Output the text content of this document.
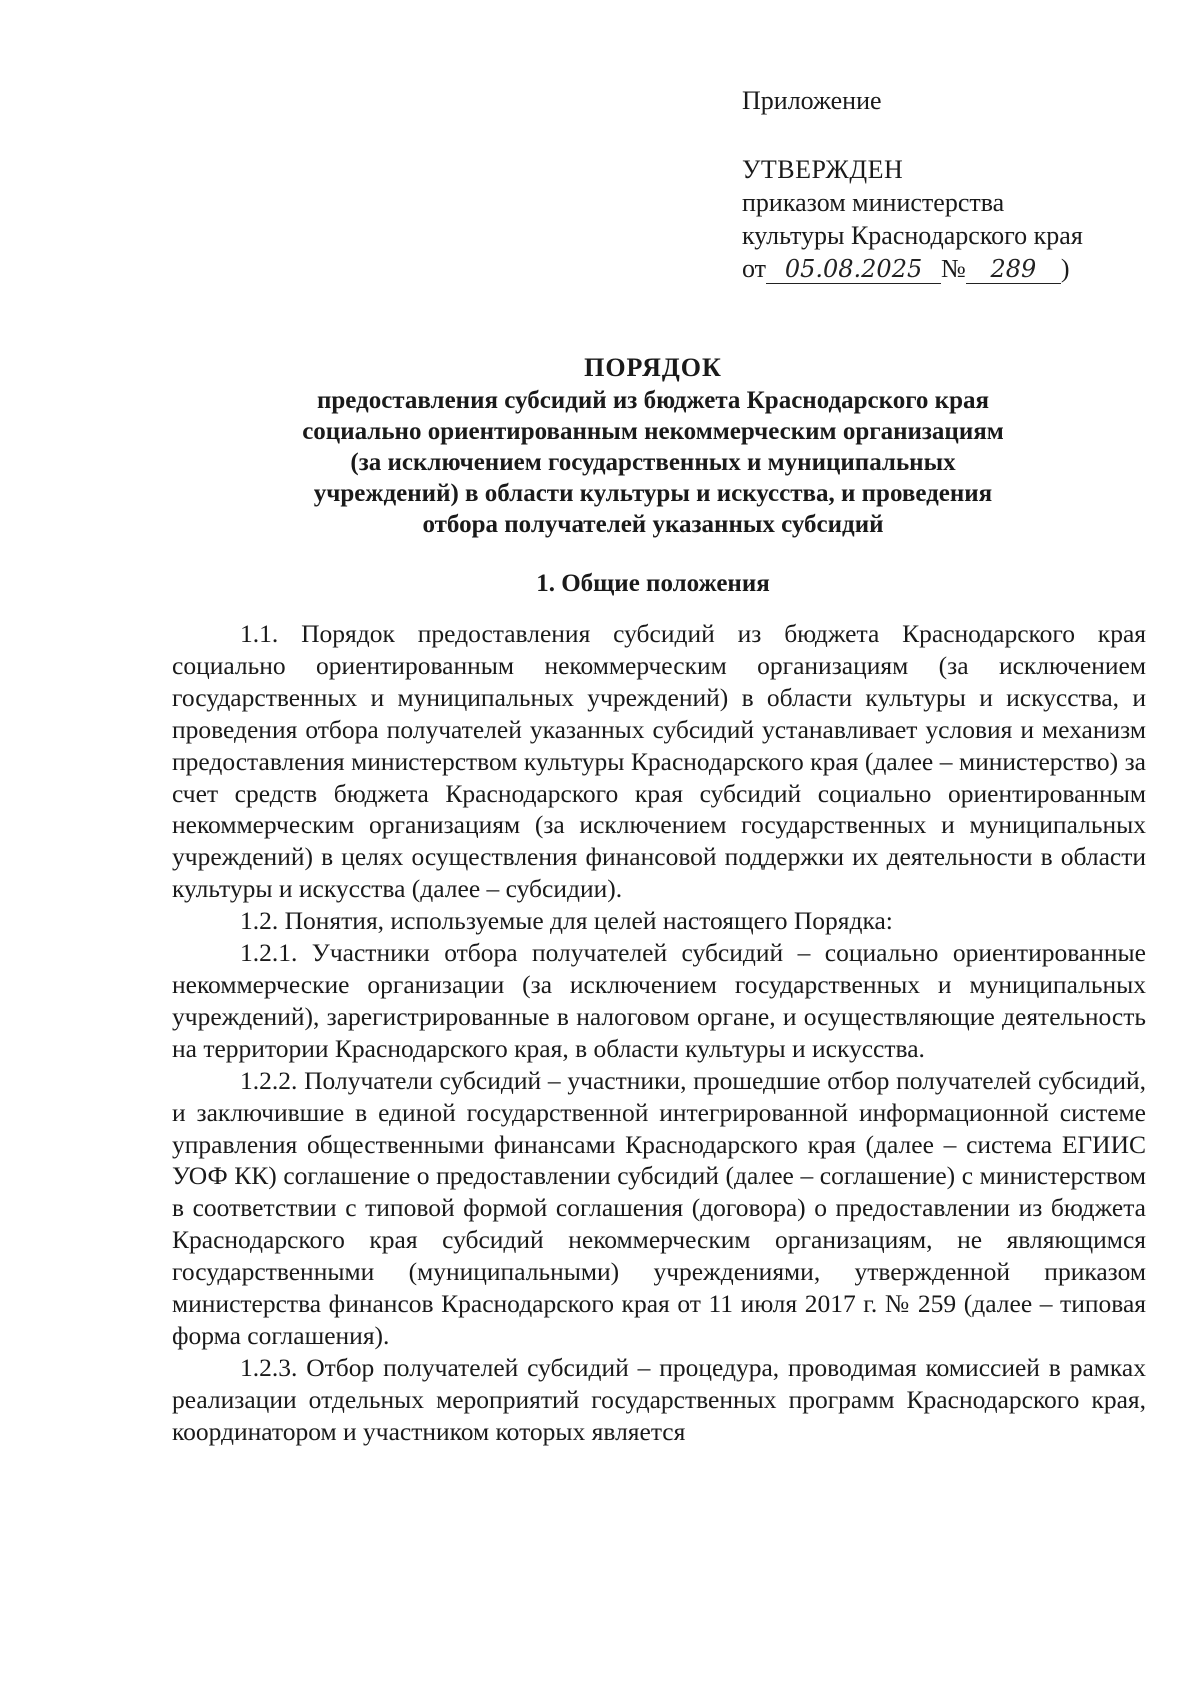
Приложение

УТВЕРЖДЕН

приказом министерства

культуры Краснодарского края

от 05.08.2025 № 289 )

ПОРЯДОК

предоставления субсидий из бюджета Краснодарского края

социально ориентированным некоммерческим организациям

(за исключением государственных и муниципальных

учреждений) в области культуры и искусства, и проведения

отбора получателей указанных субсидий

1. Общие положения

1.1. Порядок предоставления субсидий из бюджета Краснодарского края социально ориентированным некоммерческим организациям (за исключением государственных и муниципальных учреждений) в области культуры и искусства, и проведения отбора получателей указанных субсидий устанавливает условия и механизм предоставления министерством культуры Краснодарского края (далее – министерство) за счет средств бюджета Краснодарского края субсидий социально ориентированным некоммерческим организациям (за исключением государственных и муниципальных учреждений) в целях осуществления финансовой поддержки их деятельности в области культуры и искусства (далее – субсидии).

1.2. Понятия, используемые для целей настоящего Порядка:

1.2.1. Участники отбора получателей субсидий – социально ориентированные некоммерческие организации (за исключением государственных и муниципальных учреждений), зарегистрированные в налоговом органе, и осуществляющие деятельность на территории Краснодарского края, в области культуры и искусства.

1.2.2. Получатели субсидий – участники, прошедшие отбор получателей субсидий, и заключившие в единой государственной интегрированной информационной системе управления общественными финансами Краснодарского края (далее – система ЕГИИС УОФ КК) соглашение о предоставлении субсидий (далее – соглашение) с министерством в соответствии с типовой формой соглашения (договора) о предоставлении из бюджета Краснодарского края субсидий некоммерческим организациям, не являющимся государственными (муниципальными) учреждениями, утвержденной приказом министерства финансов Краснодарского края от 11 июля 2017 г. № 259 (далее – типовая форма соглашения).

1.2.3. Отбор получателей субсидий – процедура, проводимая комиссией в рамках реализации отдельных мероприятий государственных программ Краснодарского края, координатором и участником которых является
